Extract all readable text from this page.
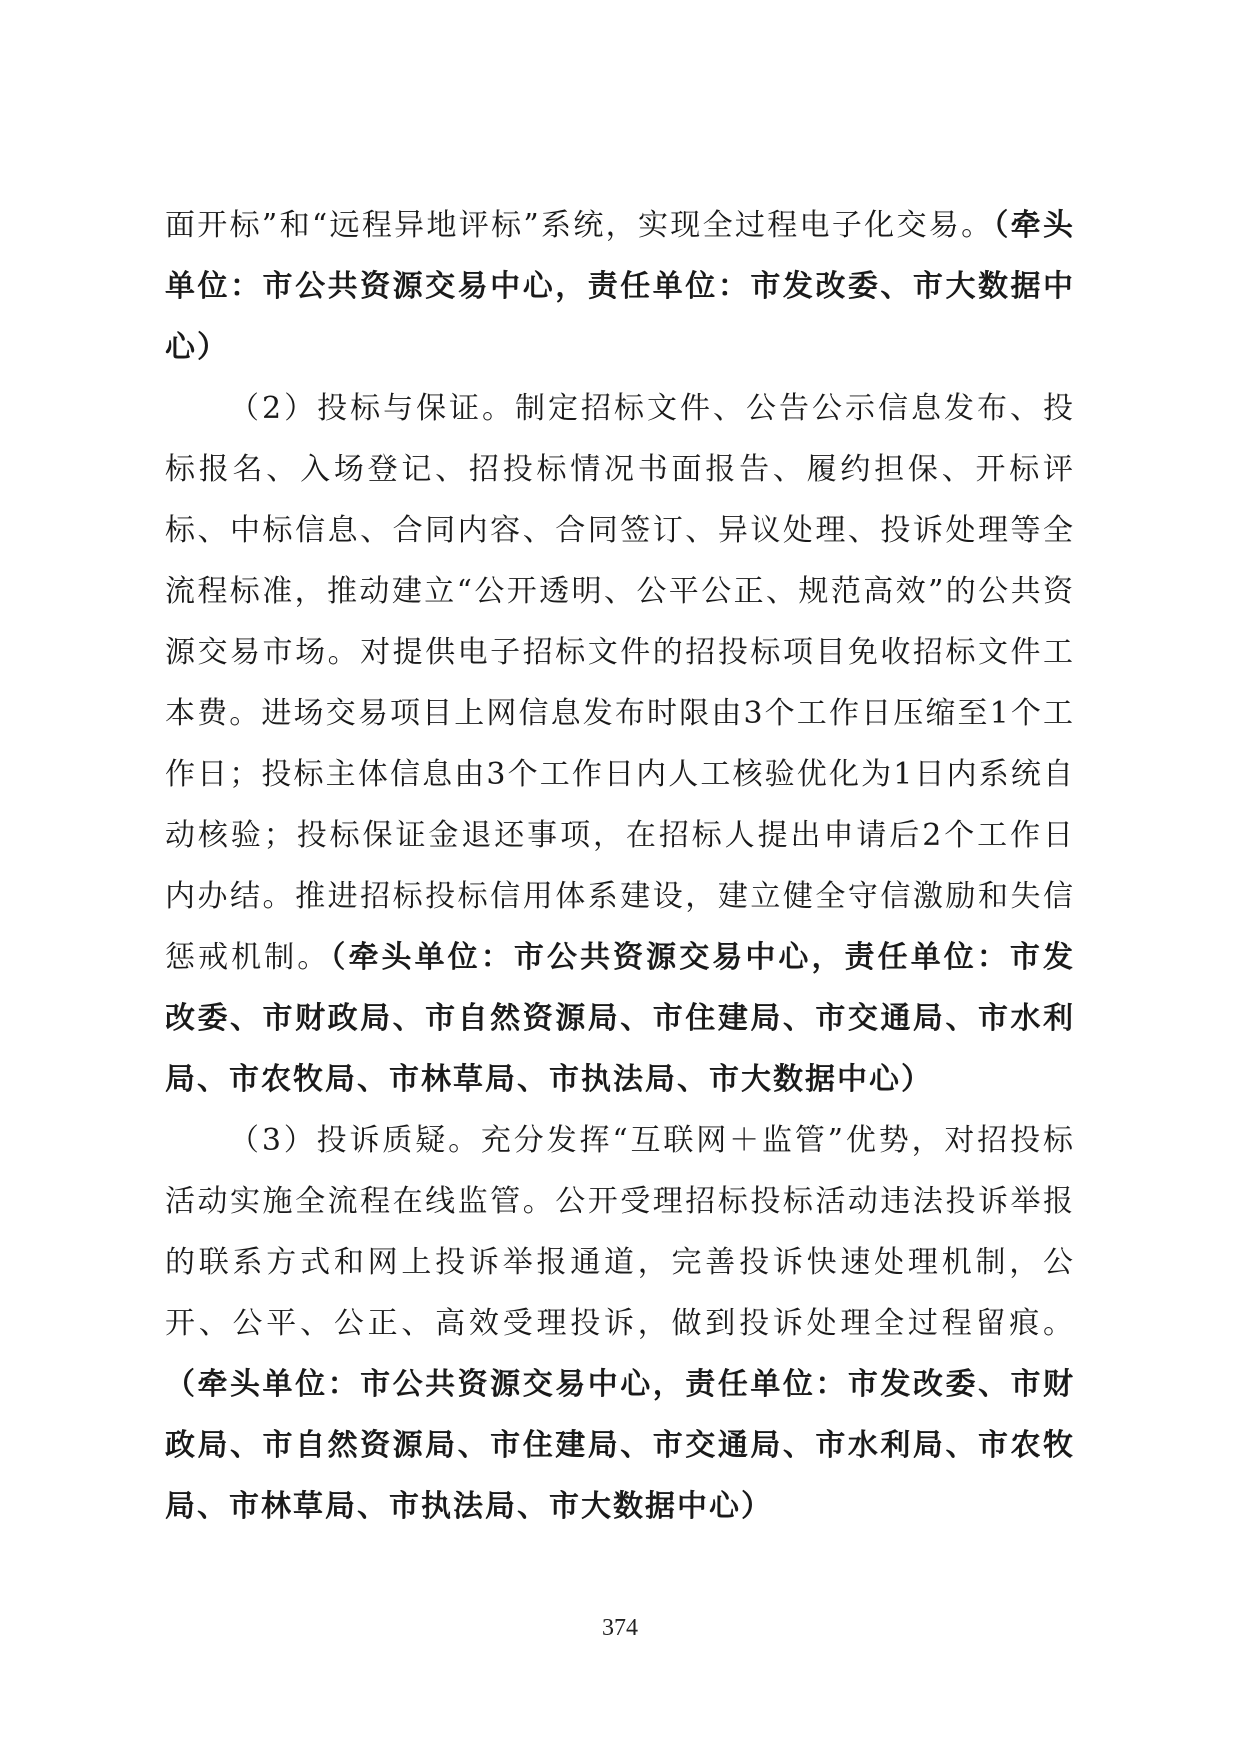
面开标”和“远程异地评标”系统，实现全过程电子化交易。（牵头单位：市公共资源交易中心，责任单位：市发改委、市大数据中心）

（2）投标与保证。制定招标文件、公告公示信息发布、投标报名、入场登记、招投标情况书面报告、履约担保、开标评标、中标信息、合同内容、合同签订、异议处理、投诉处理等全流程标准，推动建立“公开透明、公平公正、规范高效”的公共资源交易市场。对提供电子招标文件的招投标项目免收招标文件工本费。进场交易项目上网信息发布时限由3个工作日压缩至1个工作日；投标主体信息由3个工作日内人工核验优化为1日内系统自动核验；投标保证金退还事项，在招标人提出申请后2个工作日内办结。推进招标投标信用体系建设，建立健全守信激励和失信惩戒机制。（牵头单位：市公共资源交易中心，责任单位：市发改委、市财政局、市自然资源局、市住建局、市交通局、市水利局、市农牧局、市林草局、市执法局、市大数据中心）

（3）投诉质疑。充分发挥“互联网＋监管”优势，对招投标活动实施全流程在线监管。公开受理招标投标活动违法投诉举报的联系方式和网上投诉举报通道，完善投诉快速处理机制，公开、公平、公正、高效受理投诉，做到投诉处理全过程留痕。（牵头单位：市公共资源交易中心，责任单位：市发改委、市财政局、市自然资源局、市住建局、市交通局、市水利局、市农牧局、市林草局、市执法局、市大数据中心）

374
